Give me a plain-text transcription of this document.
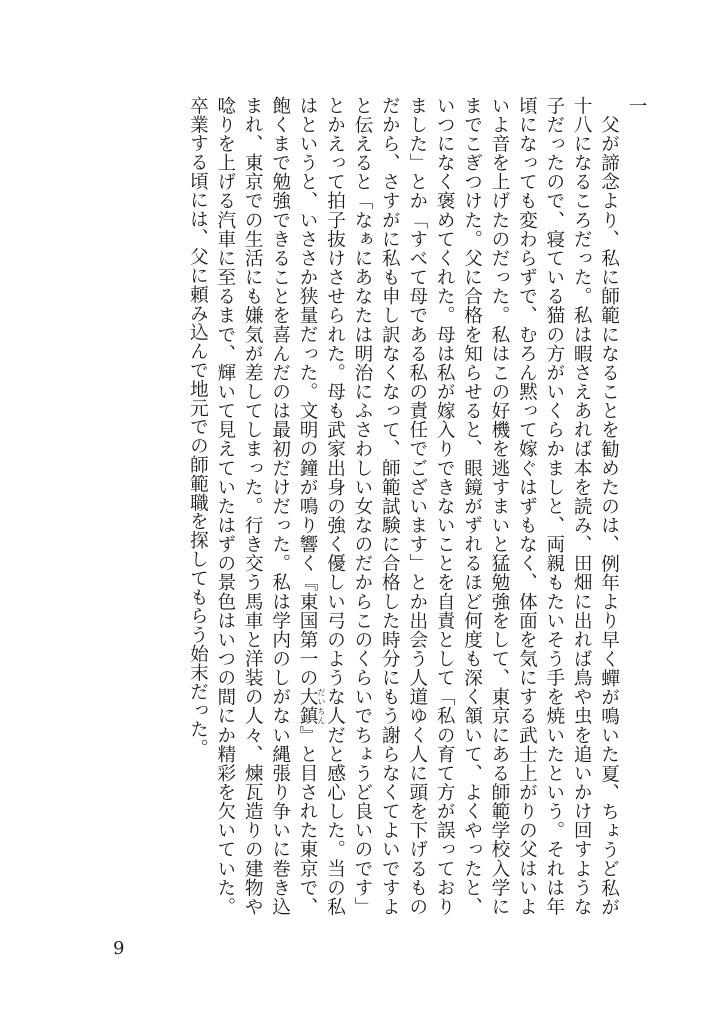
一

父が諦念より、私に師範になることを勧めたのは、例年より早く蟬が鳴いた夏、ちょうど私が十八になるころだった。私は暇さえあれば本を読み、田畑に出れば鳥や虫を追いかけ回すような子だったので、寝ている猫の方がいくらかましと、両親もたいそう手を焼いたという。それは年頃になっても変わらずで、むろん黙って嫁ぐはずもなく、体面を気にする武士上がりの父はいよいよ音を上げたのだった。私はこの好機を逃すまいと猛勉強をして、東京にある師範学校入学にまでこぎつけた。父に合格を知らせると、眼鏡がずれるほど何度も深く頷いて、よくやったと、いつになく褒めてくれた。母は私が嫁入りできないことを自責として「私の育て方が誤っておりました」とか「すべて母である私の責任でございます」とか出会う人道ゆく人に頭を下げるものだから、さすがに私も申し訳なくなって、師範試験に合格した時分にもう謝らなくてよいですよと伝えると「なぁにあなたは明治にふさわしい女なのだからこのくらいでちょうど良いのです」とかえって拍子抜けさせられた。母も武家出身の強く優しい弓のような人だと感心した。当の私はというと、いささか狭量だった。文明の鐘が鳴り響く『東国第一の大鎮 だいちん』と目された東京で、飽くまで勉強できることを喜んだのは最初だけだった。私は学内のしがない縄張り争いに巻き込まれ、東京での生活にも嫌気が差してしまった。行き交う馬車と洋装の人々、煉瓦造りの建物や唸りを上げる汽車に至るまで、輝いて見えていたはずの景色はいつの間にか精彩を欠いていた。卒業する頃には、父に頼み込んで地元での師範職を探してもらう始末だった。

9
